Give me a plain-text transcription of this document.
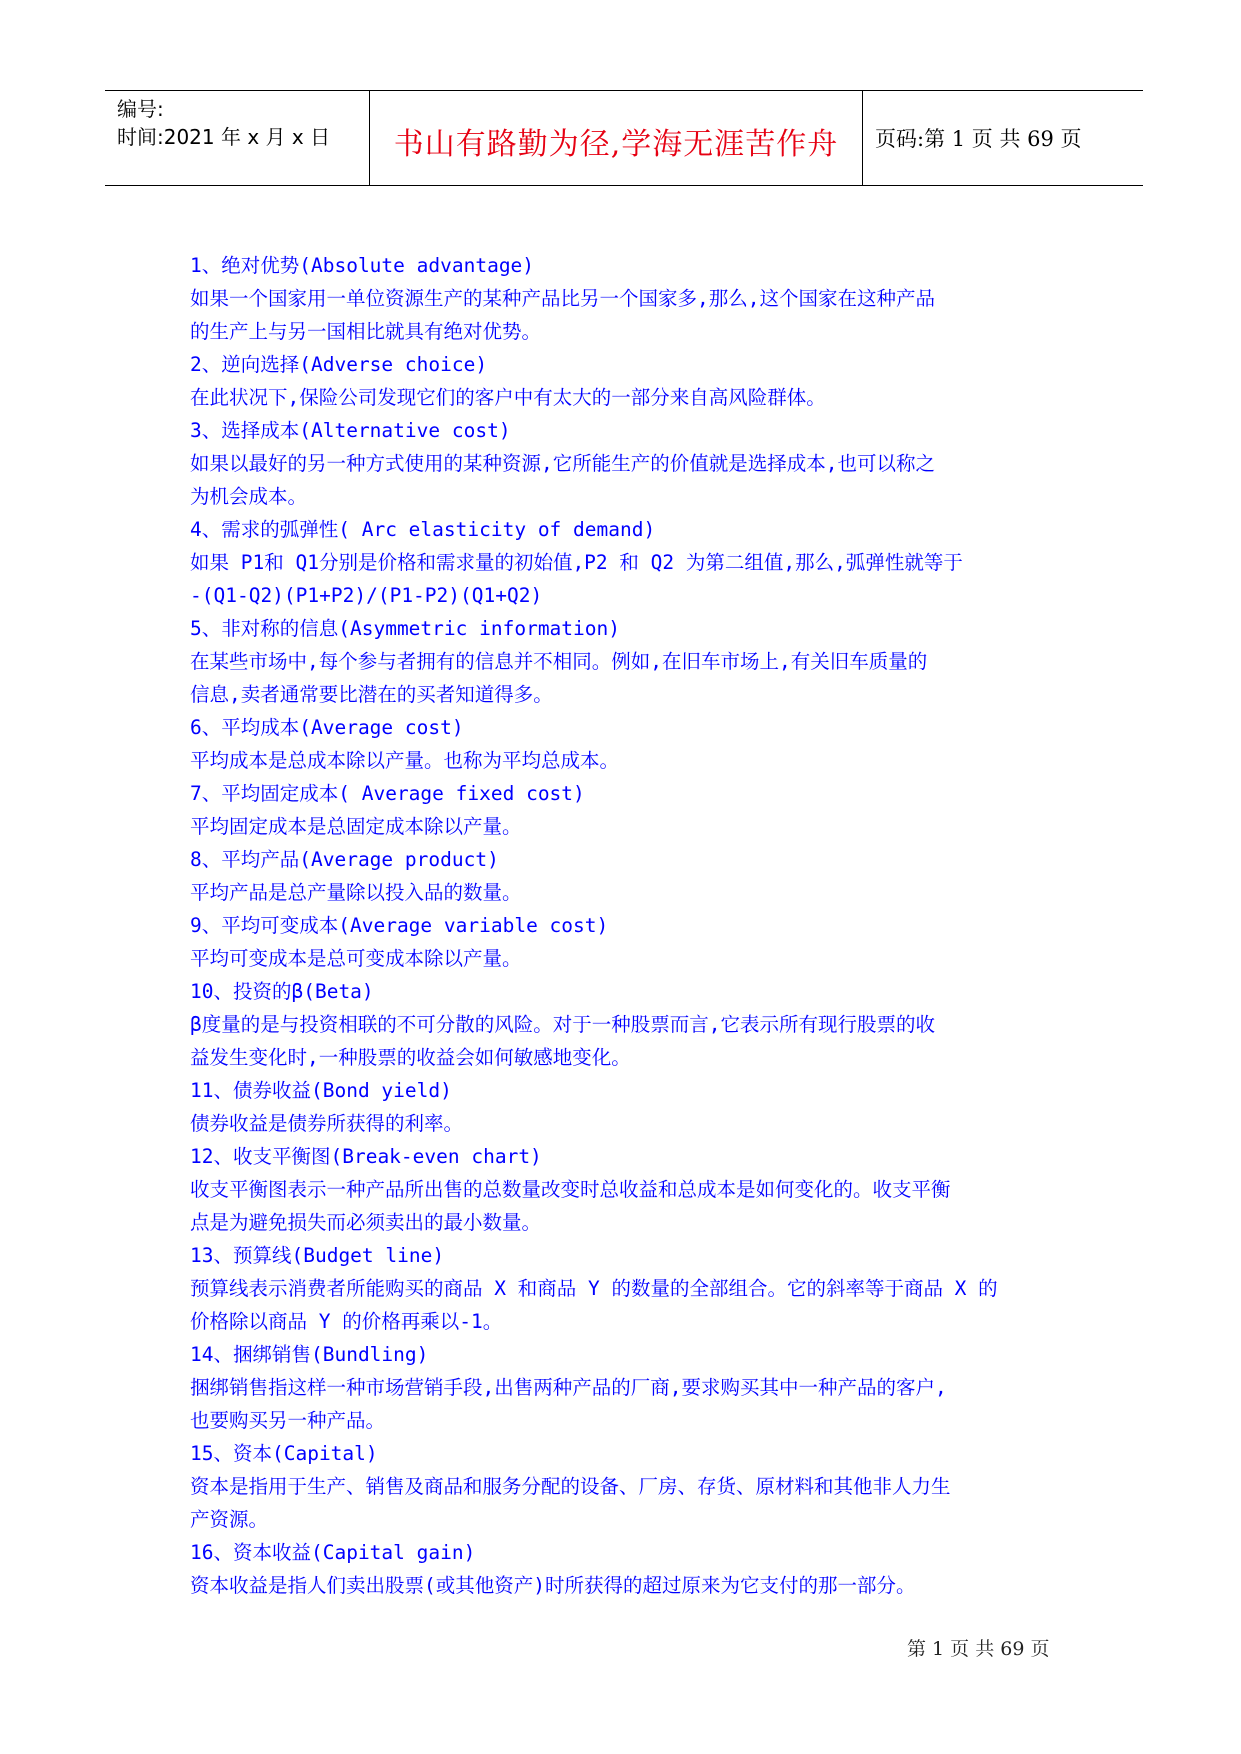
编号:
时间:2021 年 x 月 x 日	书山有路勤为径,学海无涯苦作舟	页码:第 1 页 共 69 页

1、绝对优势(Absolute advantage)

如果一个国家用一单位资源生产的某种产品比另一个国家多,那么,这个国家在这种产品

的生产上与另一国相比就具有绝对优势。

2、逆向选择(Adverse choice)

在此状况下,保险公司发现它们的客户中有太大的一部分来自高风险群体。

3、选择成本(Alternative cost)

如果以最好的另一种方式使用的某种资源,它所能生产的价值就是选择成本,也可以称之

为机会成本。

4、需求的弧弹性( Arc elasticity of demand)

如果 P1和 Q1分别是价格和需求量的初始值,P2 和 Q2 为第二组值,那么,弧弹性就等于

-(Q1-Q2)(P1+P2)/(P1-P2)(Q1+Q2)

5、非对称的信息(Asymmetric information)

在某些市场中,每个参与者拥有的信息并不相同。例如,在旧车市场上,有关旧车质量的

信息,卖者通常要比潜在的买者知道得多。

6、平均成本(Average cost)

平均成本是总成本除以产量。也称为平均总成本。

7、平均固定成本( Average fixed cost)

平均固定成本是总固定成本除以产量。

8、平均产品(Average product)

平均产品是总产量除以投入品的数量。

9、平均可变成本(Average variable cost)

平均可变成本是总可变成本除以产量。

10、投资的β(Beta)

β度量的是与投资相联的不可分散的风险。对于一种股票而言,它表示所有现行股票的收

益发生变化时,一种股票的收益会如何敏感地变化。

11、债券收益(Bond yield)

债券收益是债券所获得的利率。

12、收支平衡图(Break-even chart)

收支平衡图表示一种产品所出售的总数量改变时总收益和总成本是如何变化的。收支平衡

点是为避免损失而必须卖出的最小数量。

13、预算线(Budget line)

预算线表示消费者所能购买的商品 X 和商品 Y 的数量的全部组合。它的斜率等于商品 X 的

价格除以商品 Y 的价格再乘以-1。

14、捆绑销售(Bundling)

捆绑销售指这样一种市场营销手段,出售两种产品的厂商,要求购买其中一种产品的客户,

也要购买另一种产品。

15、资本(Capital)

资本是指用于生产、销售及商品和服务分配的设备、厂房、存货、原材料和其他非人力生

产资源。

16、资本收益(Capital gain)

资本收益是指人们卖出股票(或其他资产)时所获得的超过原来为它支付的那一部分。

第 1 页 共 69 页
